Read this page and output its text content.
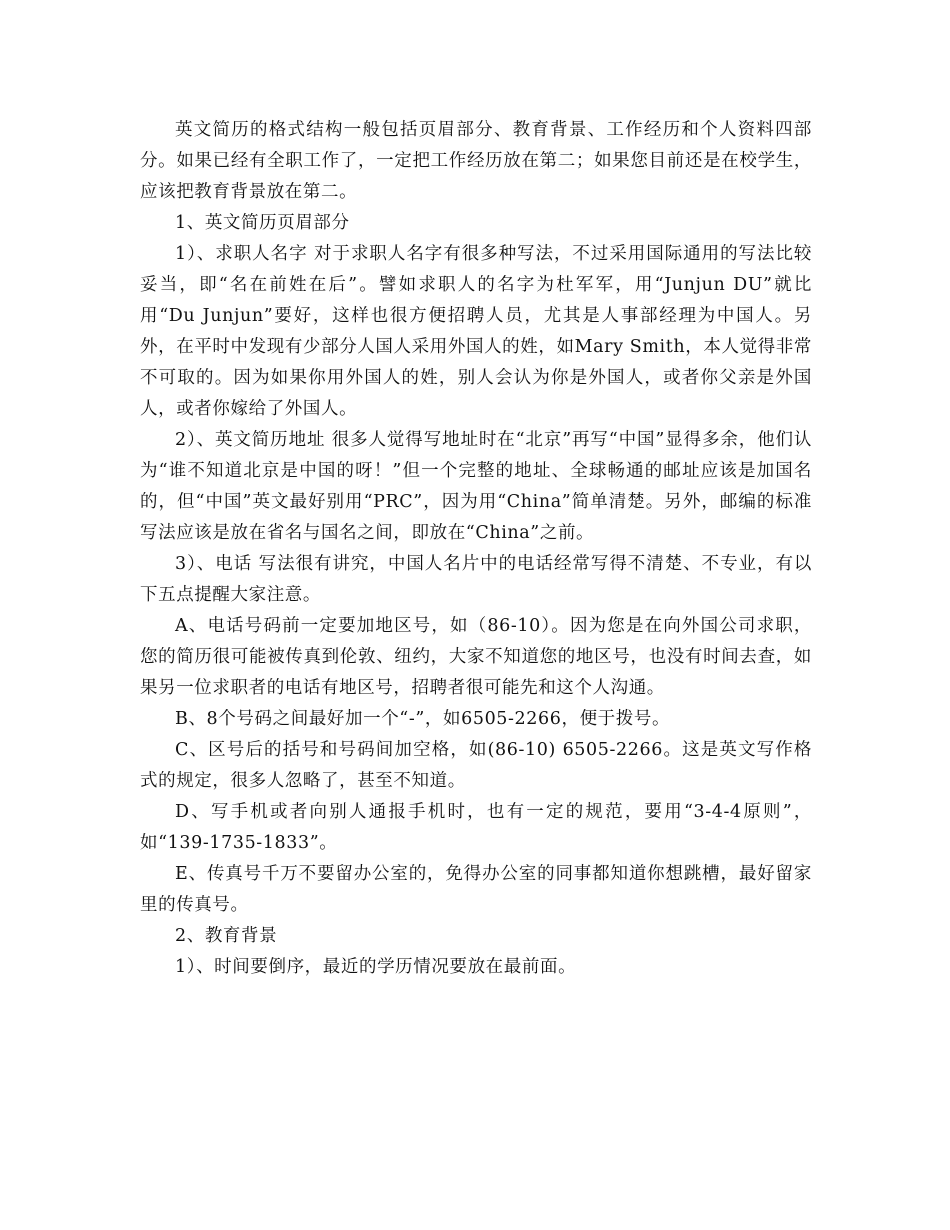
英文简历的格式结构一般包括页眉部分、教育背景、工作经历和个人资料四部分。如果已经有全职工作了，一定把工作经历放在第二；如果您目前还是在校学生，应该把教育背景放在第二。

1、英文简历页眉部分

1）、求职人名字 对于求职人名字有很多种写法，不过采用国际通用的写法比较妥当，即“名在前姓在后”。譬如求职人的名字为杜军军，用“Junjun DU”就比用“Du Junjun”要好，这样也很方便招聘人员，尤其是人事部经理为中国人。另外，在平时中发现有少部分人国人采用外国人的姓，如Mary Smith，本人觉得非常不可取的。因为如果你用外国人的姓，别人会认为你是外国人，或者你父亲是外国人，或者你嫁给了外国人。

2）、英文简历地址 很多人觉得写地址时在“北京”再写“中国”显得多余，他们认为“谁不知道北京是中国的呀！”但一个完整的地址、全球畅通的邮址应该是加国名的，但“中国”英文最好别用“PRC”，因为用“China”简单清楚。另外，邮编的标准写法应该是放在省名与国名之间，即放在“China”之前。

3）、电话 写法很有讲究，中国人名片中的电话经常写得不清楚、不专业，有以下五点提醒大家注意。

A、电话号码前一定要加地区号，如（86-10）。因为您是在向外国公司求职，您的简历很可能被传真到伦敦、纽约，大家不知道您的地区号，也没有时间去查，如果另一位求职者的电话有地区号，招聘者很可能先和这个人沟通。

B、8个号码之间最好加一个“-”，如6505-2266，便于拨号。

C、区号后的括号和号码间加空格，如(86-10) 6505-2266。这是英文写作格式的规定，很多人忽略了，甚至不知道。

D、写手机或者向别人通报手机时，也有一定的规范，要用“3-4-4原则”，如“139-1735-1833”。

E、传真号千万不要留办公室的，免得办公室的同事都知道你想跳槽，最好留家里的传真号。

2、教育背景

1）、时间要倒序，最近的学历情况要放在最前面。
